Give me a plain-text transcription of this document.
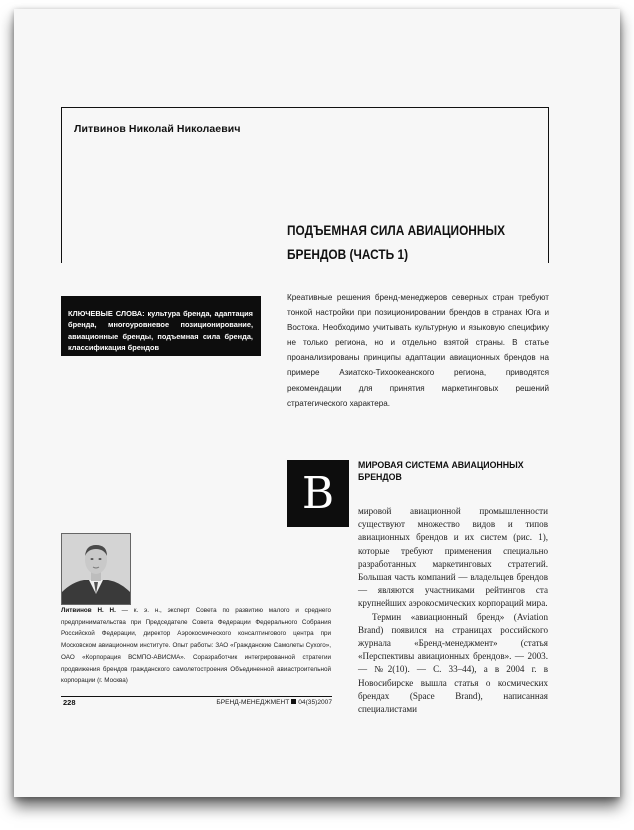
Литвинов Николай Николаевич
ПОДЪЕМНАЯ СИЛА АВИАЦИОННЫХ
БРЕНДОВ (ЧАСТЬ 1)
КЛЮЧЕВЫЕ СЛОВА: культура бренда, адаптация бренда, многоуровневое позиционирование, авиационные бренды, подъемная сила бренда, классификация брендов
Креативные решения бренд-менеджеров северных стран требуют тонкой настройки при позиционировании брендов в странах Юга и Востока. Необходимо учитывать культурную и языковую специфику не только региона, но и отдельно взятой страны. В статье проанализированы принципы адаптации авиационных брендов на примере Азиатско-Тихоокеанского региона, приводятся рекомендации для принятия маркетинговых решений стратегического характера.
В
МИРОВАЯ СИСТЕМА АВИАЦИОННЫХ БРЕНДОВ

мировой авиационной промышленности существуют множество видов и типов авиационных брендов и их систем (рис. 1), которые требуют применения специально разработанных маркетинговых стратегий. Большая часть компаний — владельцев брендов — являются участниками рейтингов ста крупнейших аэрокосмических корпораций мира.

Термин «авиационный бренд» (Aviation Brand) появился на страницах российского журнала «Бренд-менеджмент» (статья «Перспективы авиационных брендов». — 2003. — №2(10). — С. 33–44), а в 2004 г. в Новосибирске вышла статья о космических брендах (Space Brand), написанная специалистами

Литвинов Н. Н. — к. э. н., эксперт Совета по развитию малого и среднего предпринимательства при Председателе Совета Федерации Федерального Собрания Российской Федерации, директор Аэрокосмического консалтингового центра при Московском авиационном институте. Опыт работы: ЗАО «Гражданские Самолеты Сухого», ОАО «Корпорация ВСМПО-АВИСМА». Соразработчик интегрированной стратегии продвижения брендов гражданского самолетостроения Объединенной авиастроительной корпорации (г. Москва)
228	БРЕНД-МЕНЕДЖМЕНТ 04(35)2007
